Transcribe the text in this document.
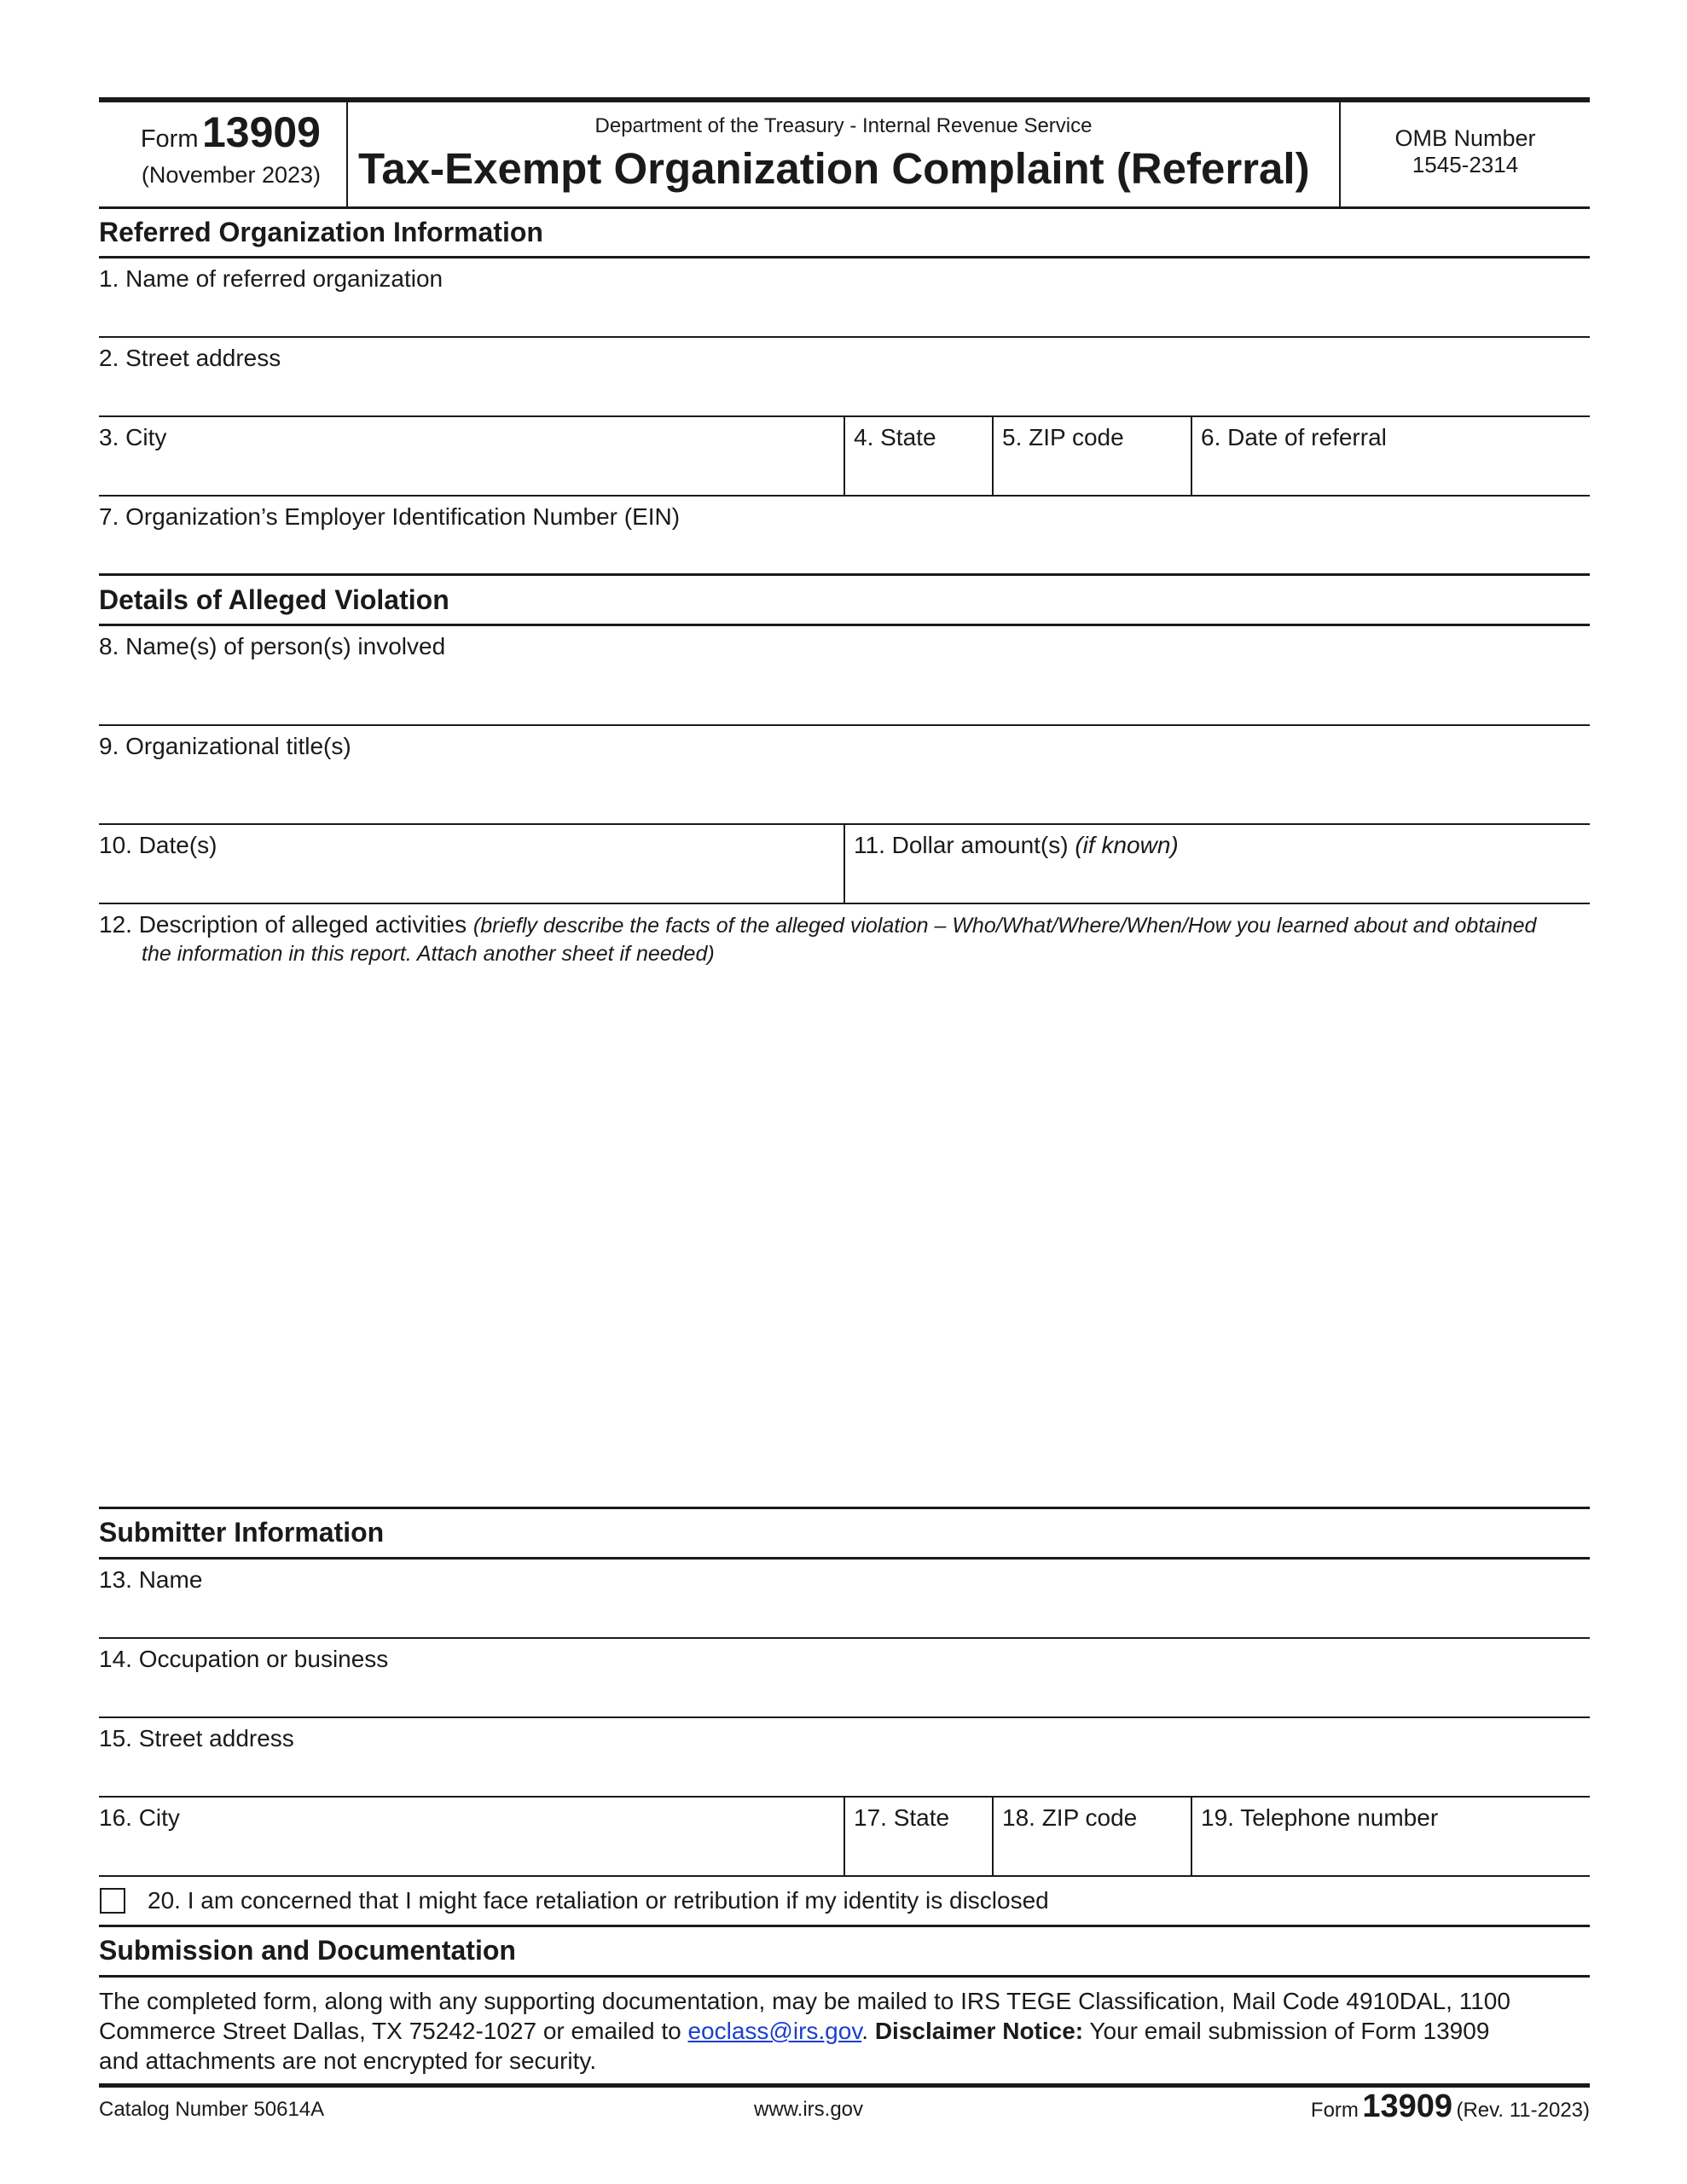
Form 13909
(November 2023)
Department of the Treasury - Internal Revenue Service
Tax-Exempt Organization Complaint (Referral)
OMB Number
1545-2314
Referred Organization Information
1. Name of referred organization
2. Street address
3. City	4. State	5. ZIP code	6. Date of referral
7. Organization’s Employer Identification Number (EIN)
Details of Alleged Violation
8. Name(s) of person(s) involved
9. Organizational title(s)
10. Date(s)	11. Dollar amount(s) (if known)
12. Description of alleged activities (briefly describe the facts of the alleged violation – Who/What/Where/When/How you learned about and obtained
the information in this report. Attach another sheet if needed)
Submitter Information
13. Name
14. Occupation or business
15. Street address
16. City	17. State 18. ZIP code	19. Telephone number
20. I am concerned that I might face retaliation or retribution if my identity is disclosed
Submission and Documentation
The completed form, along with any supporting documentation, may be mailed to IRS TEGE Classification, Mail Code 4910DAL, 1100
Commerce Street Dallas, TX 75242-1027 or emailed to eoclass@irs.gov. Disclaimer Notice: Your email submission of Form 13909
and attachments are not encrypted for security.
Catalog Number 50614A	www.irs.gov	Form 13909 (Rev. 11-2023)
